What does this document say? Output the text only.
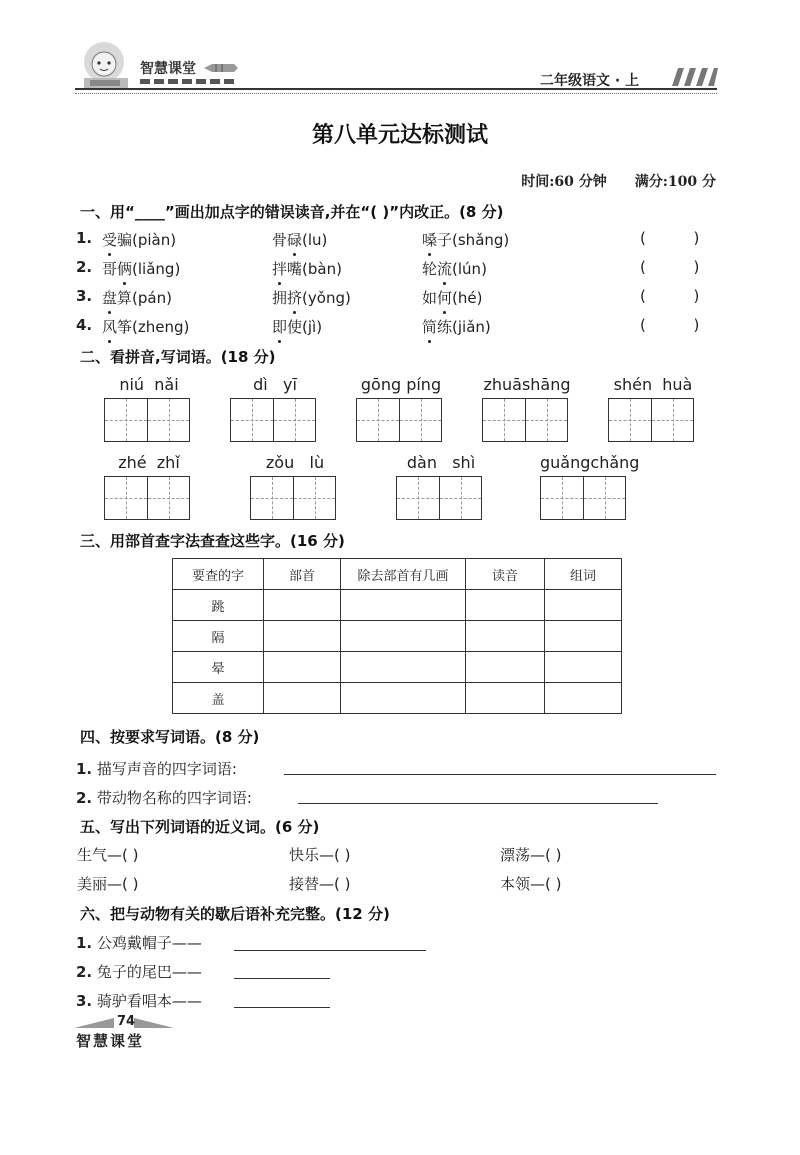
智慧课堂
二年级语文 · 上
第八单元达标测试
时间:60 分钟 满分:100 分
一、用“____”画出加点字的错误读音,并在“( )”内改正。(8 分)
1. 受骗(piàn)	骨碌(lu)	嗓子(shǎng)	(          )
2. 哥俩(liǎng)	拌嘴(bàn)	轮流(lún)	(          )
3. 盘算(pán)	拥挤(yǒng)	如何(hé)	(          )
4. 风筝(zheng)	即使(jì)	简练(jiǎn)	(          )
二、看拼音,写词语。(18 分)
niú  nǎi	dì   yī	gōng píng	zhuāshāng	shén  huà
zhé  zhǐ	zǒu   lù	dàn   shì	guǎngchǎng
三、用部首查字法查查这些字。(16 分)
要查的字	部首	除去部首有几画	读音	组词
跳				
隔				
晕				
盖				
四、按要求写词语。(8 分)
1. 描写声音的四字词语:
2. 带动物名称的四字词语:
五、写出下列词语的近义词。(6 分)
生气—( )	快乐—( )	漂荡—( )
美丽—( )	接替—( )	本领—( )
六、把与动物有关的歇后语补充完整。(12 分)
1. 公鸡戴帽子——
2. 兔子的尾巴——
3. 骑驴看唱本——
74
智慧课堂
